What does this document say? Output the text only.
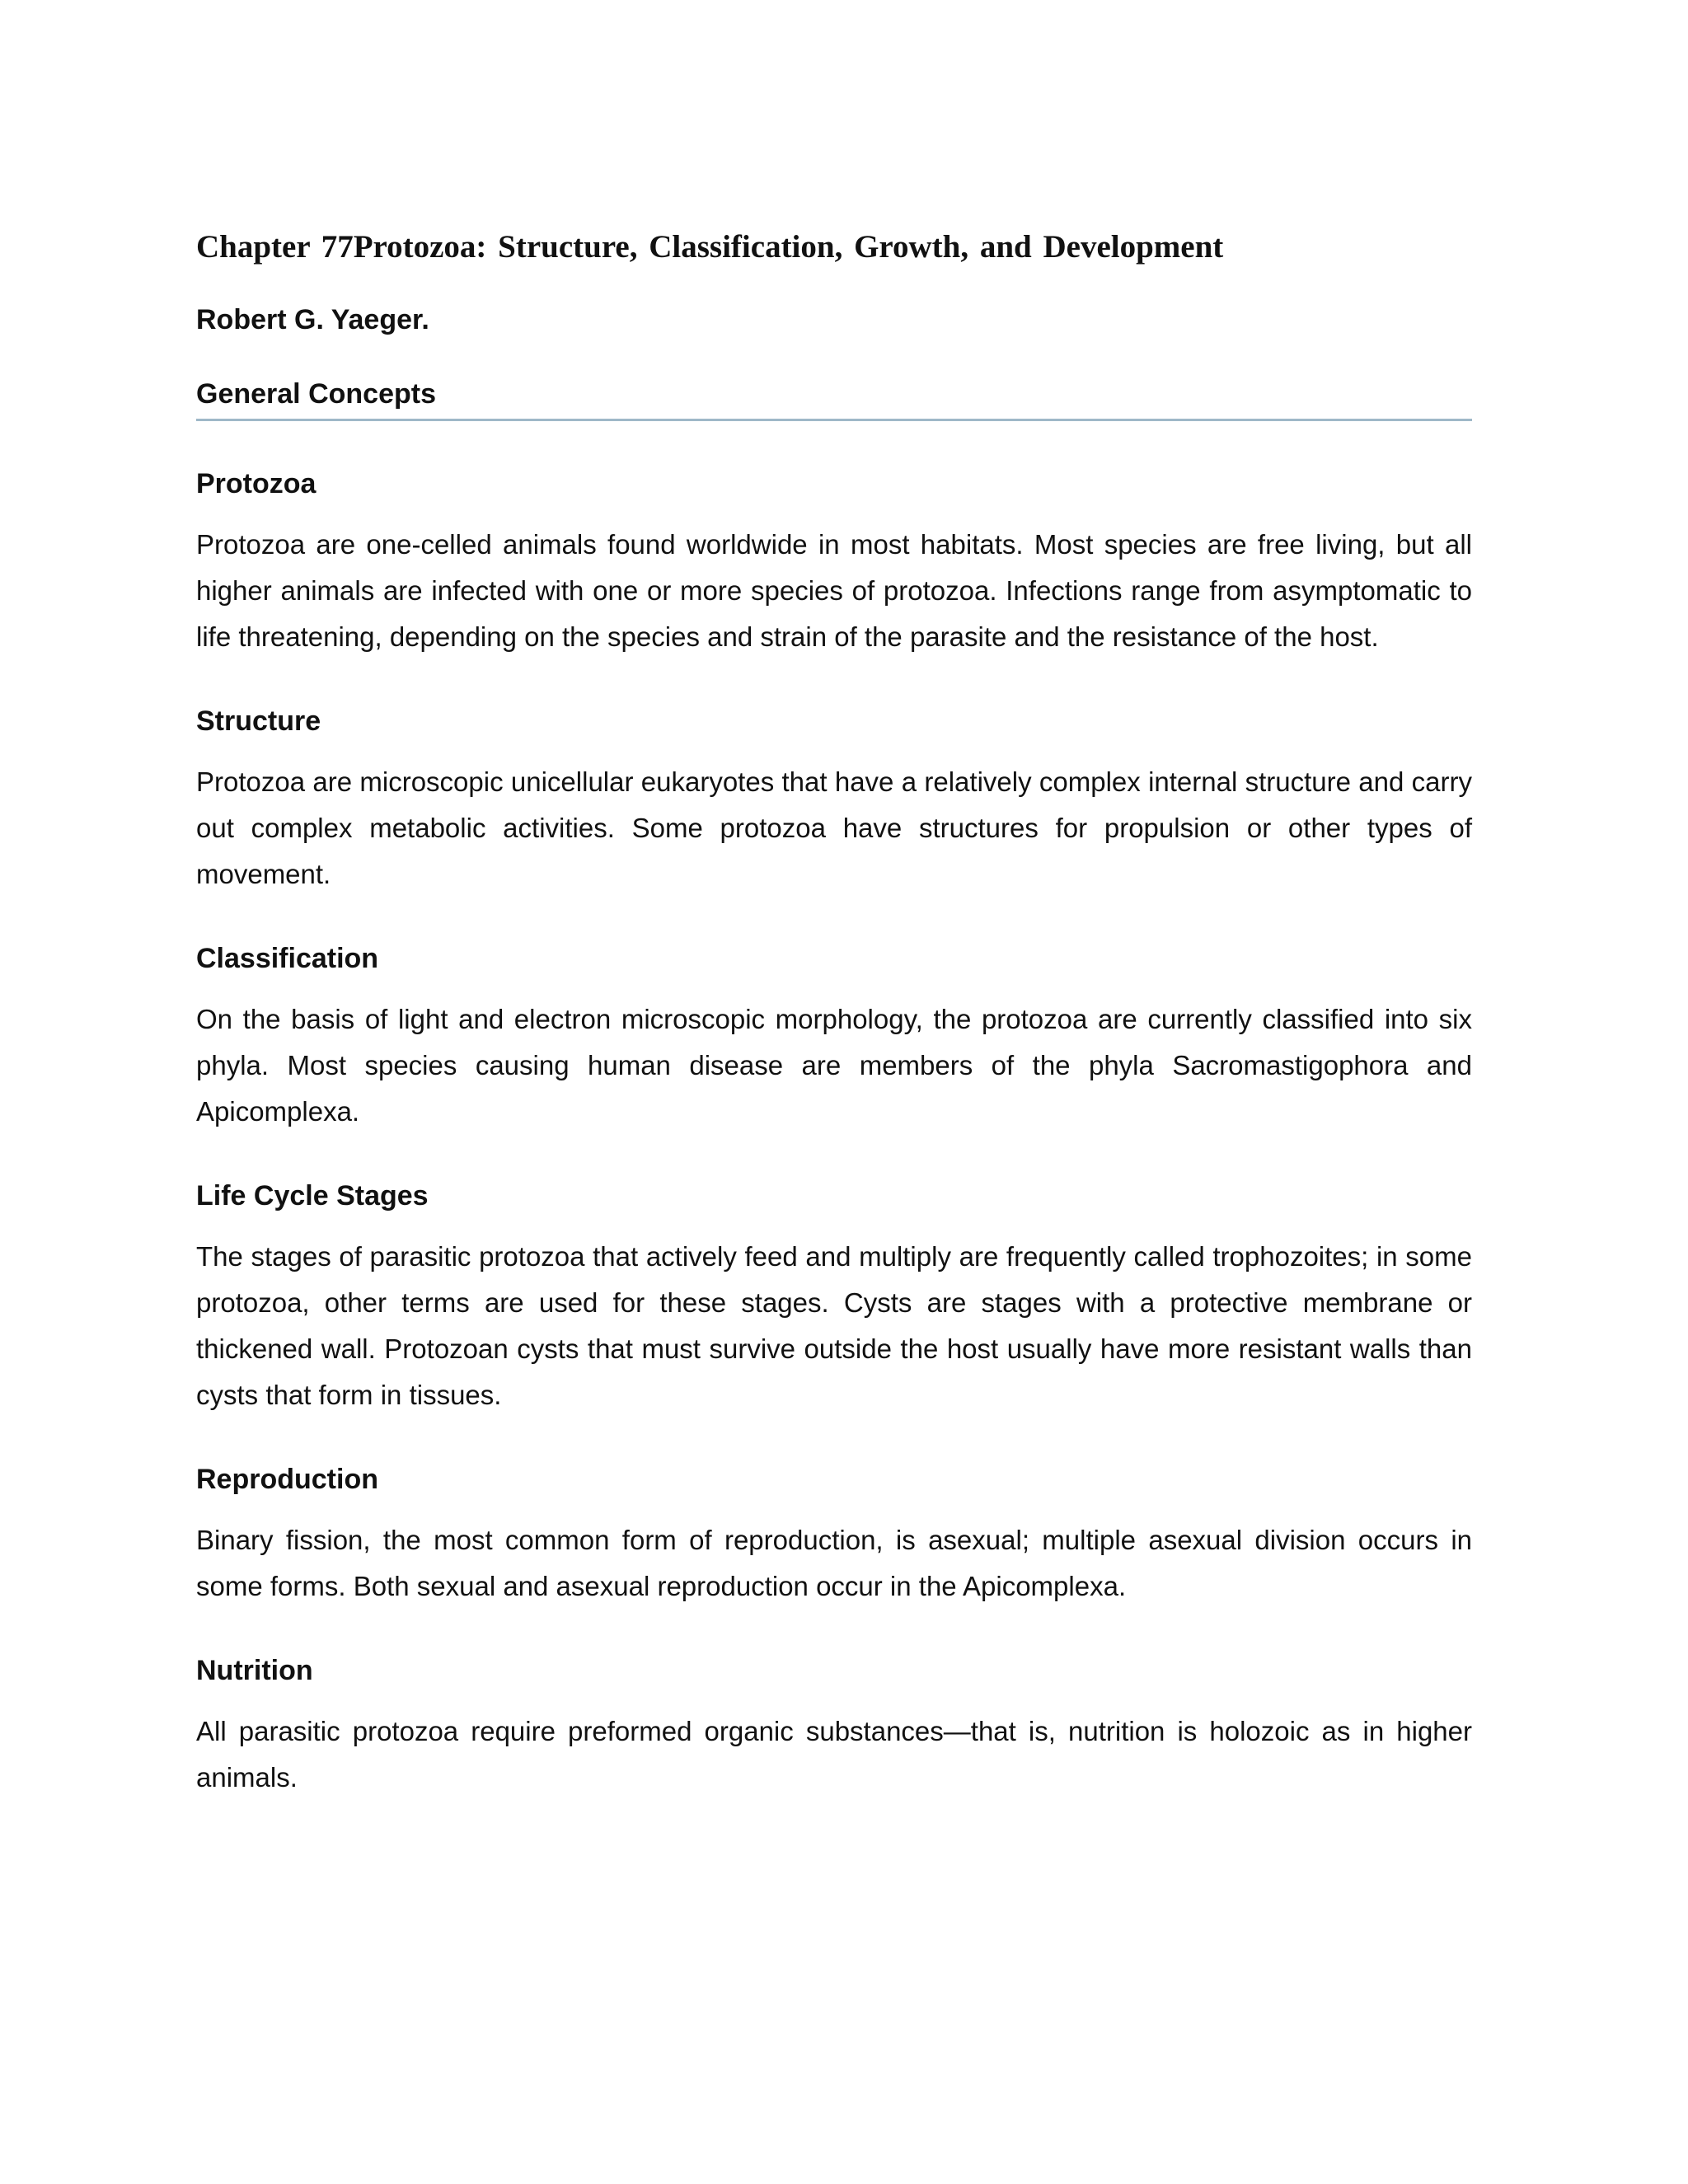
Chapter 77Protozoa: Structure, Classification, Growth, and Development
Robert G. Yaeger.
General Concepts
Protozoa

Protozoa are one-celled animals found worldwide in most habitats. Most species are free living, but all higher animals are infected with one or more species of protozoa. Infections range from asymptomatic to life threatening, depending on the species and strain of the parasite and the resistance of the host.

Structure

Protozoa are microscopic unicellular eukaryotes that have a relatively complex internal structure and carry out complex metabolic activities. Some protozoa have structures for propulsion or other types of movement.

Classification

On the basis of light and electron microscopic morphology, the protozoa are currently classified into six phyla. Most species causing human disease are members of the phyla Sacromastigophora and Apicomplexa.

Life Cycle Stages

The stages of parasitic protozoa that actively feed and multiply are frequently called trophozoites; in some protozoa, other terms are used for these stages. Cysts are stages with a protective membrane or thickened wall. Protozoan cysts that must survive outside the host usually have more resistant walls than cysts that form in tissues.

Reproduction

Binary fission, the most common form of reproduction, is asexual; multiple asexual division occurs in some forms. Both sexual and asexual reproduction occur in the Apicomplexa.

Nutrition

All parasitic protozoa require preformed organic substances—that is, nutrition is holozoic as in higher animals.
